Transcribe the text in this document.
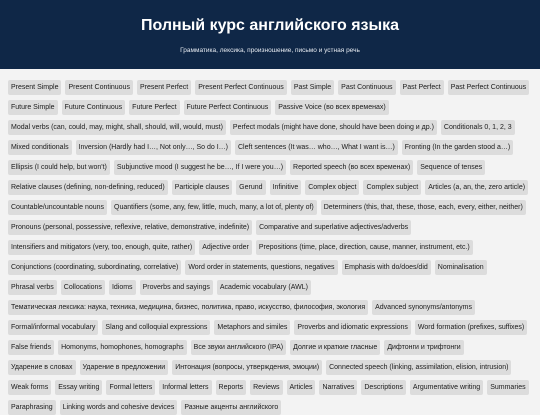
Полный курс английского языка
Грамматика, лексика, произношение, письмо и устная речь
Present Simple	Present Continuous	Present Perfect	Present Perfect Continuous	Past Simple	Past Continuous	Past Perfect	Past Perfect Continuous
Future Simple	Future Continuous	Future Perfect	Future Perfect Continuous	Passive Voice (во всех временах)
Modal verbs (can, could, may, might, shall, should, will, would, must)	Perfect modals (might have done, should have been doing и др.)	Conditionals 0, 1, 2, 3
Mixed conditionals	Inversion (Hardly had I…, Not only…, So do I…)	Cleft sentences (It was… who…, What I want is…)	Fronting (In the garden stood a…)
Ellipsis (I could help, but won't)	Subjunctive mood (I suggest he be…, If I were you…)	Reported speech (во всех временах)	Sequence of tenses
Relative clauses (defining, non-defining, reduced)	Participle clauses	Gerund	Infinitive	Complex object	Complex subject	Articles (a, an, the, zero article)
Countable/uncountable nouns	Quantifiers (some, any, few, little, much, many, a lot of, plenty of)	Determiners (this, that, these, those, each, every, either, neither)
Pronouns (personal, possessive, reflexive, relative, demonstrative, indefinite)	Comparative and superlative adjectives/adverbs
Intensifiers and mitigators (very, too, enough, quite, rather)	Adjective order	Prepositions (time, place, direction, cause, manner, instrument, etc.)
Conjunctions (coordinating, subordinating, correlative)	Word order in statements, questions, negatives	Emphasis with do/does/did	Nominalisation
Phrasal verbs	Collocations	Idioms	Proverbs and sayings	Academic vocabulary (AWL)
Тематическая лексика: наука, техника, медицина, бизнес, политика, право, искусство, философия, экология	Advanced synonyms/antonyms
Formal/informal vocabulary	Slang and colloquial expressions	Metaphors and similes	Proverbs and idiomatic expressions	Word formation (prefixes, suffixes)
False friends	Homonyms, homophones, homographs	Все звуки английского (IPA)	Долгие и краткие гласные	Дифтонги и трифтонги
Ударение в словах	Ударение в предложении	Интонация (вопросы, утверждения, эмоции)	Connected speech (linking, assimilation, elision, intrusion)
Weak forms	Essay writing	Formal letters	Informal letters	Reports	Reviews	Articles	Narratives	Descriptions	Argumentative writing	Summaries
Paraphrasing	Linking words and cohesive devices	Разные акценты английского
